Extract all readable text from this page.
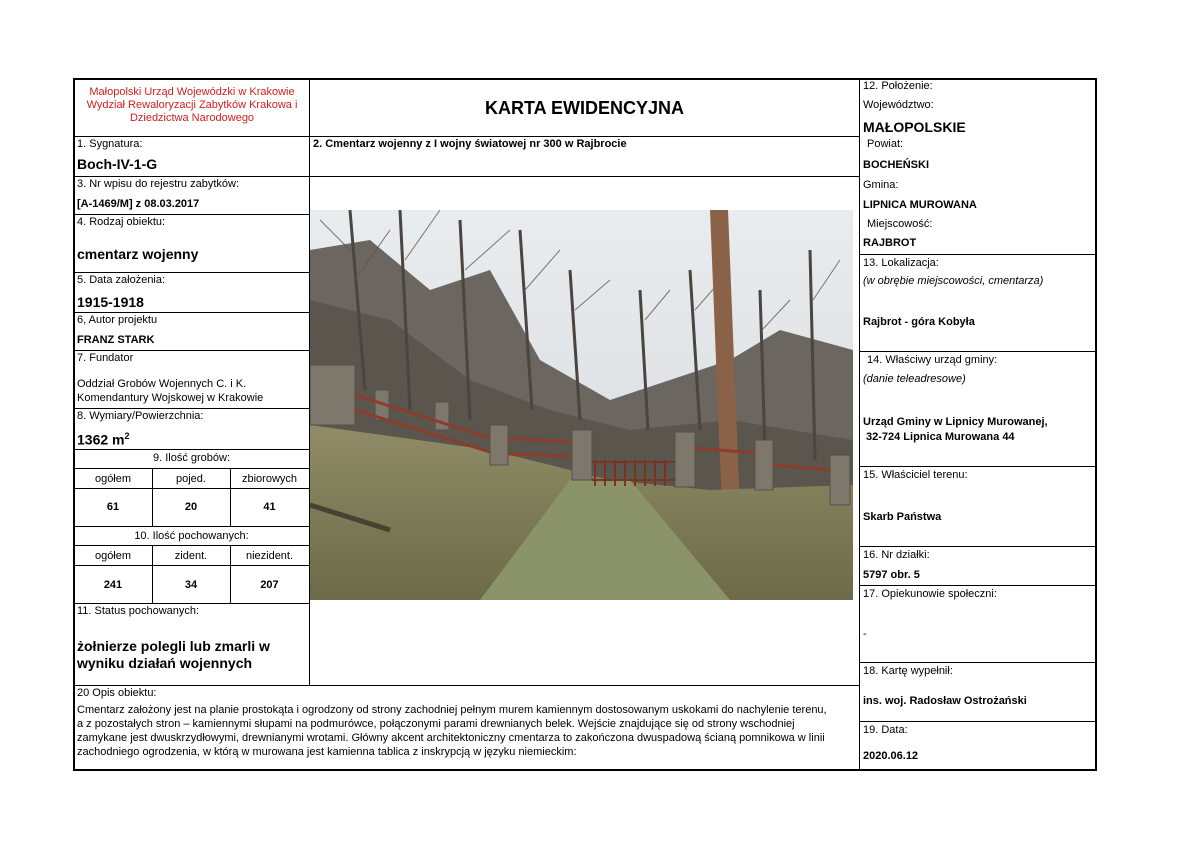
Małopolski Urząd Wojewódzki w Krakowie
Wydział Rewaloryzacji Zabytków Krakowa i
Dziedzictwa Narodowego	KARTA EWIDENCYJNA
1. Sygnatura:
Boch-IV-1-G
3. Nr wpisu do rejestru zabytków:
[A-1469/M] z 08.03.2017
4. Rodzaj obiektu:
cmentarz wojenny
5. Data założenia:
1915-1918
6, Autor projektu
FRANZ STARK
7. Fundator
Oddział Grobów Wojennych C. i K.
Komendantury Wojskowej w Krakowie
8. Wymiary/Powierzchnia:
1362 $m^2$
9. Ilość grobów:
ogółem	pojed.	zbiorowych
61	20	41
10. Ilość pochowanych:
ogółem	zident.	niezident.
241	34	207
11. Status pochowanych:
żołnierze polegli lub zmarli w
wyniku działań wojennych
2. Cmentarz wojenny z I wojny światowej nr 300 w Rajbrocie
12. Położenie:
Województwo:
MAŁOPOLSKIE
Powiat:
BOCHEŃSKI
Gmina:
LIPNICA MUROWANA
Miejscowość:
RAJBROT
13. Lokalizacja:
(w obrębie miejscowości, cmentarza)
Rajbrot - góra Kobyła
14. Właściwy urząd gminy:
(danie teleadresowe)
Urząd Gminy w Lipnicy Murowanej,
32-724 Lipnica Murowana 44
15. Właściciel terenu:
Skarb Państwa
16. Nr działki:
5797 obr. 5
17. Opiekunowie społeczni:
-
18. Kartę wypełnił:
ins. woj. Radosław Ostrożański
19. Data:
2020.06.12
20 Opis obiektu:
Cmentarz założony jest na planie prostokąta i ogrodzony od strony zachodniej pełnym murem kamiennym dostosowanym uskokami do nachylenie terenu,
a z pozostałych stron – kamiennymi słupami na podmurówce, połączonymi parami drewnianych belek. Wejście znajdujące się od strony wschodniej
zamykane jest dwuskrzydłowymi, drewnianymi wrotami. Główny akcent architektoniczny cmentarza to zakończona dwuspadową ścianą pomnikowa w linii
zachodniego ogrodzenia, w którą w murowana jest kamienna tablica z inskrypcją w języku niemieckim:
